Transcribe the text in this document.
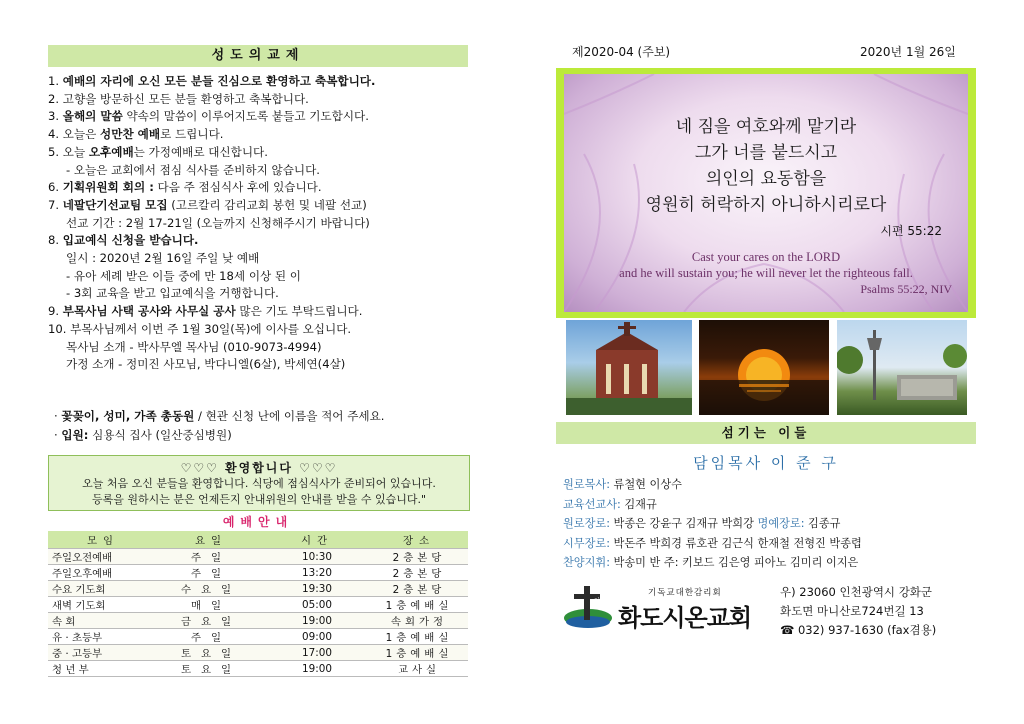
성도의교제
1. 예배의 자리에 오신 모든 분들 진심으로 환영하고 축복합니다.
2. 고향을 방문하신 모든 분들 환영하고 축복합니다.
3. 올해의 말씀 약속의 말씀이 이루어지도록 붙들고 기도합시다.
4. 오늘은 성만찬 예배로 드립니다.
5. 오늘 오후예배는 가정예배로 대신합니다.
- 오늘은 교회에서 점심 식사를 준비하지 않습니다.
6. 기획위원회 회의 : 다음 주 점심식사 후에 있습니다.
7. 네팔단기선교팀 모집 (고르칼리 감리교회 봉헌 및 네팔 선교)
선교 기간 : 2월 17-21일 (오늘까지 신청해주시기 바랍니다)
8. 입교예식 신청을 받습니다.
일시 : 2020년 2월 16일 주일 낮 예배
- 유아 세례 받은 이들 중에 만 18세 이상 된 이
- 3회 교육을 받고 입교예식을 거행합니다.
9. 부목사님 사택 공사와 사무실 공사 많은 기도 부탁드립니다.
10. 부목사님께서 이번 주 1월 30일(목)에 이사를 오십니다.
목사님 소개 - 박사무엘 목사님 (010-9073-4994)
가정 소개 - 정미진 사모님, 박다니엘(6살), 박세연(4살)
· 꽃꽂이, 성미, 가족 총동원 / 현관 신청 난에 이름을 적어 주세요.
· 입원: 심용식 집사 (일산중심병원)
♡♡♡ 환영합니다 ♡♡♡
오늘 처음 오신 분들을 환영합니다. 식당에 점심식사가 준비되어 있습니다.
등록을 원하시는 분은 언제든지 안내위원의 안내를 받을 수 있습니다."
예배안내
모임	요일	시간	장소
주일오전예배	주일	10:30	2층본당
주일오후예배	주일	13:20	2층본당
수요 기도회	수요일	19:30	2층본당
새벽 기도회	매일	05:00	1층예배실
속 회	금요일	19:00	속회가정
유 · 초등부	주일	09:00	1층예배실
중 · 고등부	토요일	17:00	1층예배실
청 년 부	토요일	19:00	교사실
제2020-04 (주보)	2020년 1월 26일
네 짐을 여호와께 맡기라
그가 너를 붙드시고
의인의 요동함을
영원히 허락하지 아니하시리로다
시편 55:22
Cast your cares on the LORD
and he will sustain you; he will never let the righteous fall.
Psalms 55:22, NIV
섬기는 이들
담임목사 이 준 구
원로목사: 류철현 이상수
교육선교사: 김재규
원로장로: 박종은 강윤구 김재규 박희강 명예장로: 김종규
시무장로: 박돈주 박희경 류호관 김근식 한재철 전형진 박종렵
찬양지휘: 박송미 반 주: 키보드 김은영 피아노 김미리 이지은
since 1905
기독교대한감리회
화도시온교회
우) 23060 인천광역시 강화군
화도면 마니산로724번길 13
☎ 032) 937-1630 (fax겸용)
